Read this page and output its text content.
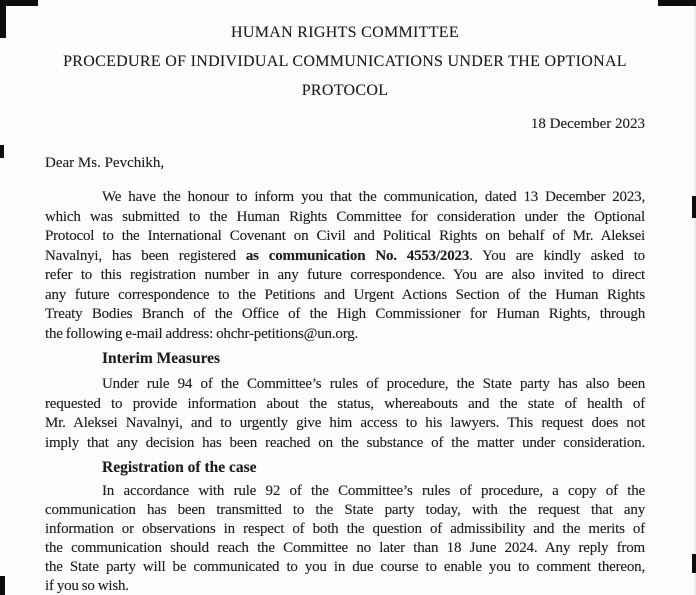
HUMAN RIGHTS COMMITTEE
PROCEDURE OF INDIVIDUAL COMMUNICATIONS UNDER THE OPTIONAL
PROTOCOL
18 December 2023
Dear Ms. Pevchikh,
We have the honour to inform you that the communication, dated 13 December 2023,
which was submitted to the Human Rights Committee for consideration under the Optional
Protocol to the International Covenant on Civil and Political Rights on behalf of Mr. Aleksei
Navalnyi, has been registered as communication No. 4553/2023. You are kindly asked to
refer to this registration number in any future correspondence. You are also invited to direct
any future correspondence to the Petitions and Urgent Actions Section of the Human Rights
Treaty Bodies Branch of the Office of the High Commissioner for Human Rights, through
the following e-mail address: ohchr-petitions@un.org.
Interim Measures
Under rule 94 of the Committee’s rules of procedure, the State party has also been
requested to provide information about the status, whereabouts and the state of health of
Mr. Aleksei Navalnyi, and to urgently give him access to his lawyers. This request does not
imply that any decision has been reached on the substance of the matter under consideration.
Registration of the case
In accordance with rule 92 of the Committee’s rules of procedure, a copy of the
communication has been transmitted to the State party today, with the request that any
information or observations in respect of both the question of admissibility and the merits of
the communication should reach the Committee no later than 18 June 2024. Any reply from
the State party will be communicated to you in due course to enable you to comment thereon,
if you so wish.
